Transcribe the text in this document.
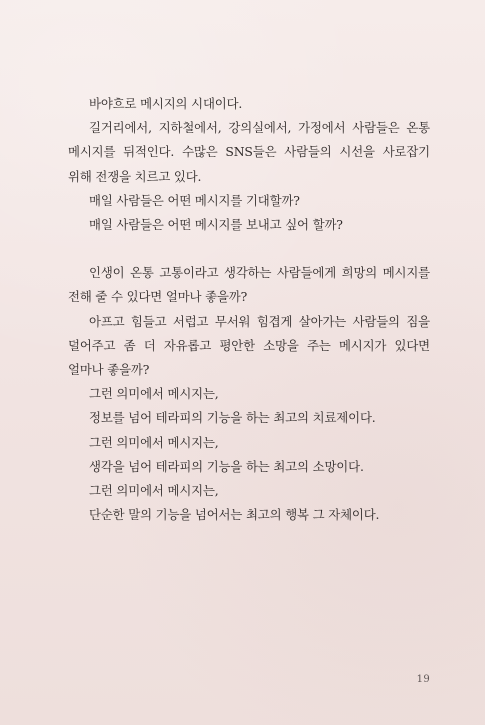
바야흐로 메시지의 시대이다.

길거리에서, 지하철에서, 강의실에서, 가정에서 사람들은 온통 메시지를 뒤적인다. 수많은 SNS들은 사람들의 시선을 사로잡기 위해 전쟁을 치르고 있다.

매일 사람들은 어떤 메시지를 기대할까?

매일 사람들은 어떤 메시지를 보내고 싶어 할까?

인생이 온통 고통이라고 생각하는 사람들에게 희망의 메시지를 전해 줄 수 있다면 얼마나 좋을까?

아프고 힘들고 서럽고 무서워 힘겹게 살아가는 사람들의 짐을 덜어주고 좀 더 자유롭고 평안한 소망을 주는 메시지가 있다면 얼마나 좋을까?

그런 의미에서 메시지는,

정보를 넘어 테라피의 기능을 하는 최고의 치료제이다.

그런 의미에서 메시지는,

생각을 넘어 테라피의 기능을 하는 최고의 소망이다.

그런 의미에서 메시지는,

단순한 말의 기능을 넘어서는 최고의 행복 그 자체이다.

19
